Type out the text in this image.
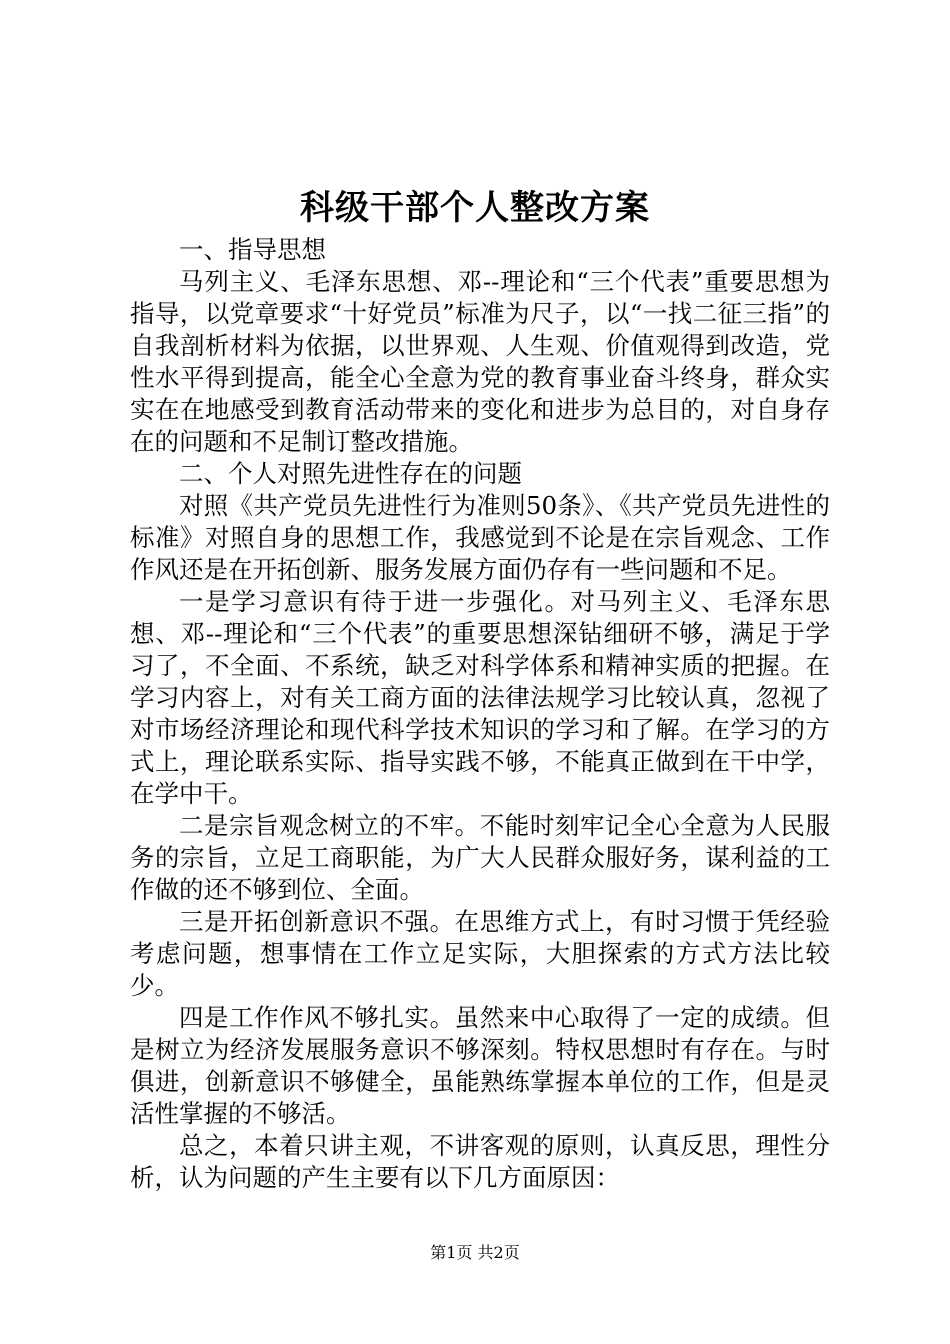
科级干部个人整改方案

一、指导思想

马列主义、毛泽东思想、邓--理论和“三个代表”重要思想为指导，以党章要求“十好党员”标准为尺子，以“一找二征三指”的自我剖析材料为依据，以世界观、人生观、价值观得到改造，党性水平得到提高，能全心全意为党的教育事业奋斗终身，群众实实在在地感受到教育活动带来的变化和进步为总目的，对自身存在的问题和不足制订整改措施。

二、个人对照先进性存在的问题

对照《共产党员先进性行为准则50条》、《共产党员先进性的标准》对照自身的思想工作，我感觉到不论是在宗旨观念、工作作风还是在开拓创新、服务发展方面仍存有一些问题和不足。

一是学习意识有待于进一步强化。对马列主义、毛泽东思想、邓--理论和“三个代表”的重要思想深钻细研不够，满足于学习了，不全面、不系统，缺乏对科学体系和精神实质的把握。在学习内容上，对有关工商方面的法律法规学习比较认真，忽视了对市场经济理论和现代科学技术知识的学习和了解。在学习的方式上，理论联系实际、指导实践不够，不能真正做到在干中学，在学中干。

二是宗旨观念树立的不牢。不能时刻牢记全心全意为人民服务的宗旨，立足工商职能，为广大人民群众服好务，谋利益的工作做的还不够到位、全面。

三是开拓创新意识不强。在思维方式上，有时习惯于凭经验考虑问题，想事情在工作立足实际，大胆探索的方式方法比较少。

四是工作作风不够扎实。虽然来中心取得了一定的成绩。但是树立为经济发展服务意识不够深刻。特权思想时有存在。与时俱进，创新意识不够健全，虽能熟练掌握本单位的工作，但是灵活性掌握的不够活。

总之，本着只讲主观，不讲客观的原则，认真反思，理性分析，认为问题的产生主要有以下几方面原因：

第1页 共2页
